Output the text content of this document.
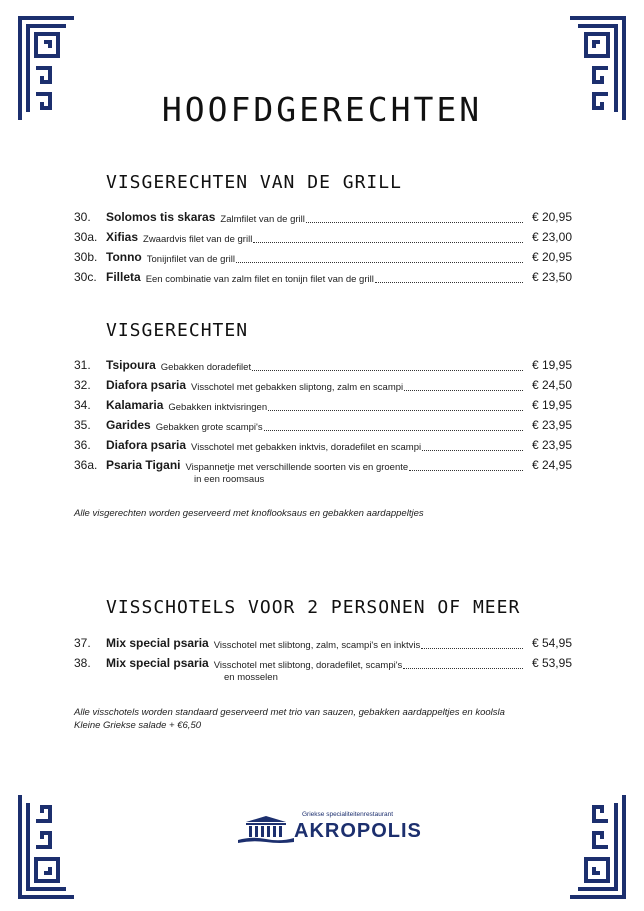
HOOFDGERECHTEN
VISGERECHTEN VAN DE GRILL
30.	Solomos tis skaras Zalmfilet van de grill	€ 20,95
30a. Xifias Zwaardvis filet van de grill	€ 23,00
30b. Tonno Tonijnfilet van de grill	€ 20,95
30c. Filleta Een combinatie van zalm filet en tonijn filet van de grill	€ 23,50
VISGERECHTEN
31.	Tsipoura Gebakken doradefilet	€ 19,95
32.	Diafora psaria Visschotel met gebakken sliptong, zalm en scampi	€ 24,50
34.	Kalamaria Gebakken inktvisringen	€ 19,95
35.	Garides Gebakken grote scampi's	€ 23,95
36.	Diafora psaria Visschotel met gebakken inktvis, doradefilet en scampi	€ 23,95
36a. Psaria Tigani Vispannetje met verschillende soorten vis en groente	€ 24,95
in een roomsaus
Alle visgerechten worden geserveerd met knoflooksaus en gebakken aardappeltjes
VISSCHOTELS VOOR 2 PERSONEN OF MEER
37.	Mix special psaria Visschotel met slibtong, zalm, scampi's en inktvis	€ 54,95
38.	Mix special psaria Visschotel met slibtong, doradefilet, scampi's	€ 53,95
en mosselen
Alle visschotels worden standaard geserveerd met trio van sauzen, gebakken aardappeltjes en koolsla
Kleine Griekse salade + €6,50
Griekse specialiteitenrestaurant
AKROPOLIS
